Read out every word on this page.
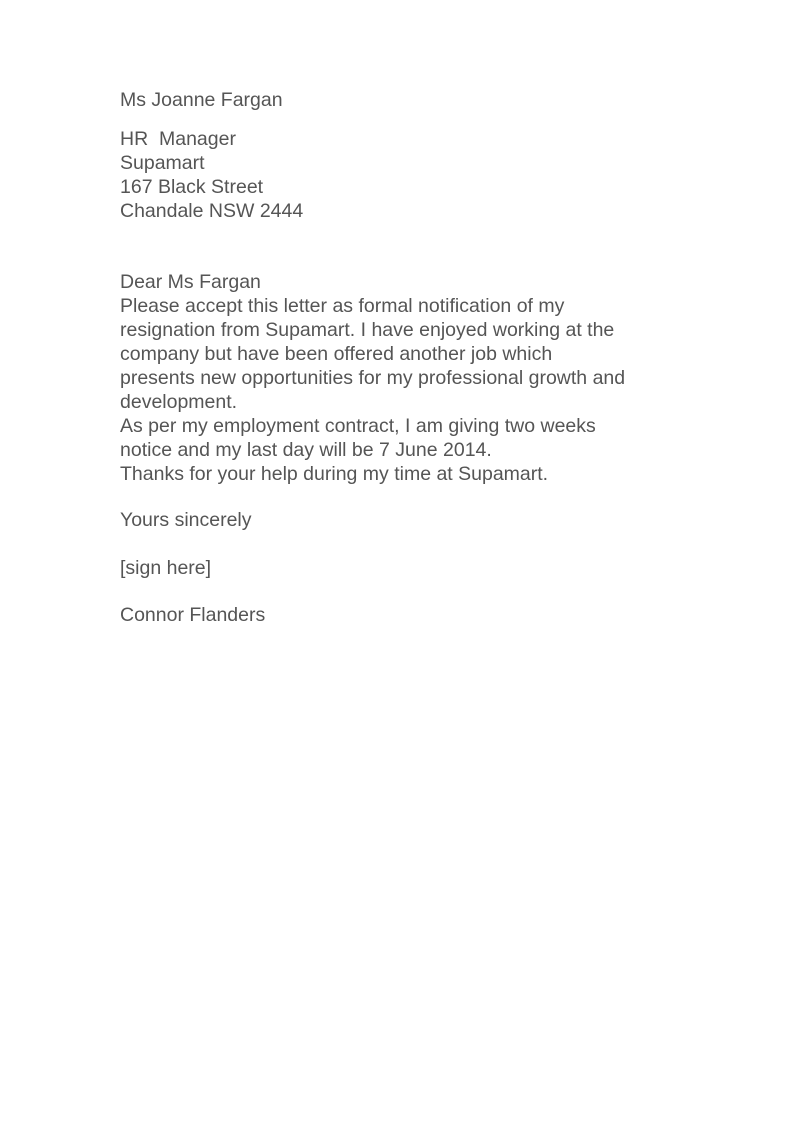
Ms Joanne Fargan
HR  Manager
Supamart
167 Black Street
Chandale NSW 2444
Dear Ms Fargan
Please accept this letter as formal notification of my
resignation from Supamart. I have enjoyed working at the
company but have been offered another job which
presents new opportunities for my professional growth and
development.
As per my employment contract, I am giving two weeks
notice and my last day will be 7 June 2014.
Thanks for your help during my time at Supamart.
Yours sincerely
[sign here]
Connor Flanders
